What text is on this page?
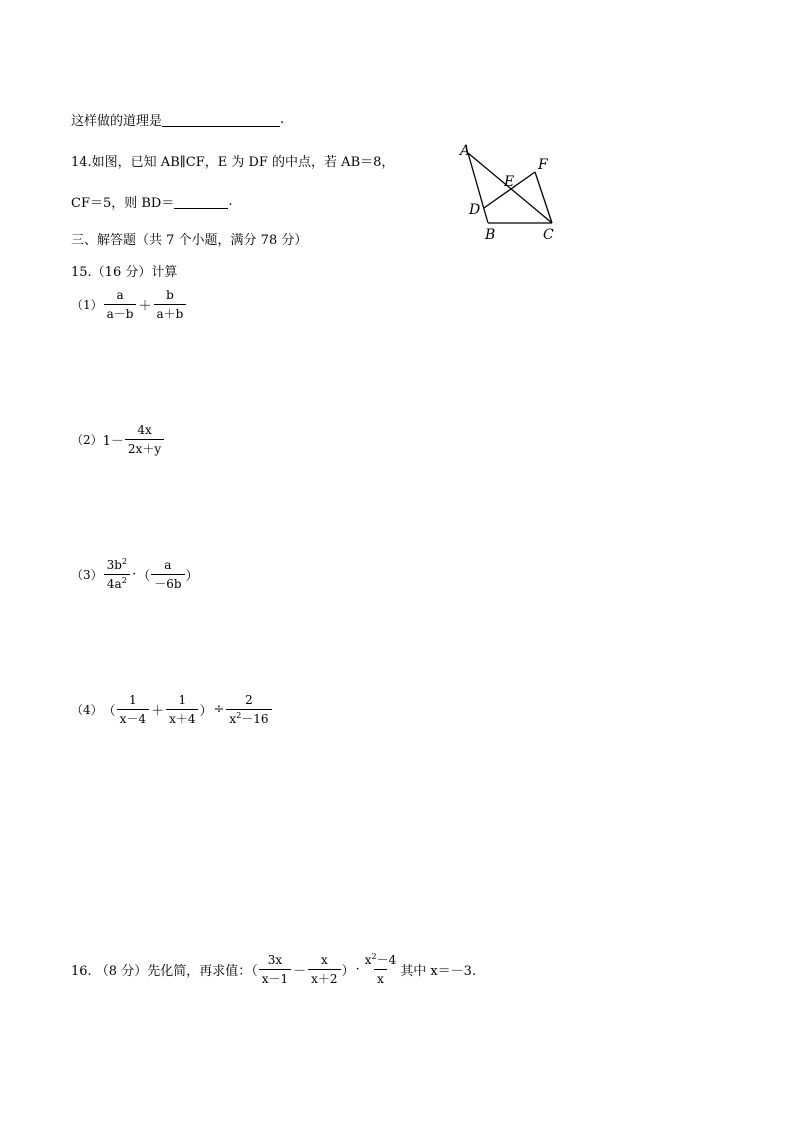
这样做的道理是	.
14.如图，已知 AB∥CF，E 为 DF 的中点，若 AB＝8，
CF＝5，则 BD＝	.
A
F
E
D
B	C
三、解答题（共 7 个小题，满分 78 分）
15.（16 分）计算
$(1) \frac{a}{a-b} + \frac{b}{a+b}$
（2） $1- \frac{4x}{2x+y}$
$(3) \frac{3b^2}{4a^2}$ · （ $\frac{a}{-6b}$ ）
（4） （ $\frac{1}{x-4} + \frac{1}{x+4}$ ） ÷ $\frac{2}{x^2-16}$
16. （8 分）先化简，再求值：（ $\frac{3x}{x-1} - \frac{x}{x+2}$ ） · $\frac{x^2-4}{x}$ 其中 x＝－3.
